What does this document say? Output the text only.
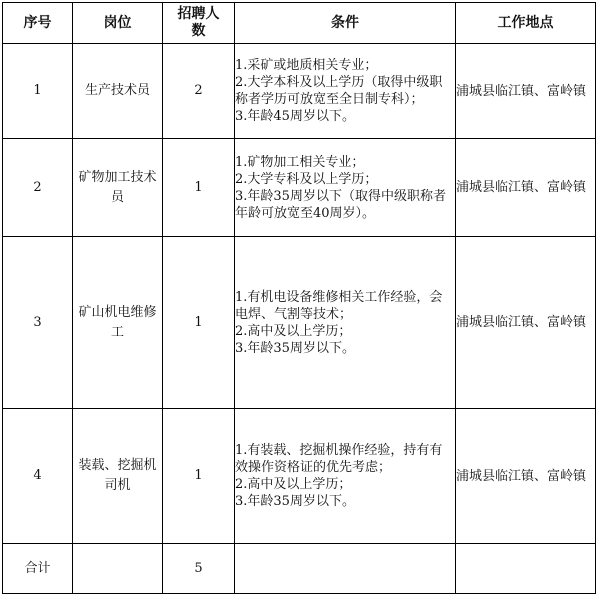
序号	岗位	招聘人数	条件	工作地点
1	生产技术员	2	1.采矿或地质相关专业；
2.大学本科及以上学历（取得中级职称者学历可放宽至全日制专科）；
3.年龄45周岁以下。	浦城县临江镇、富岭镇
2	矿物加工技术员	1	1.矿物加工相关专业；
2.大学专科及以上学历；
3.年龄35周岁以下（取得中级职称者年龄可放宽至40周岁）。	浦城县临江镇、富岭镇
3	矿山机电维修工	1	1.有机电设备维修相关工作经验，会电焊、气割等技术；
2.高中及以上学历；
3.年龄35周岁以下。	浦城县临江镇、富岭镇
4	装载、挖掘机司机	1	1.有装载、挖掘机操作经验，持有有效操作资格证的优先考虑；
2.高中及以上学历；
3.年龄35周岁以下。	浦城县临江镇、富岭镇
合计		5		
